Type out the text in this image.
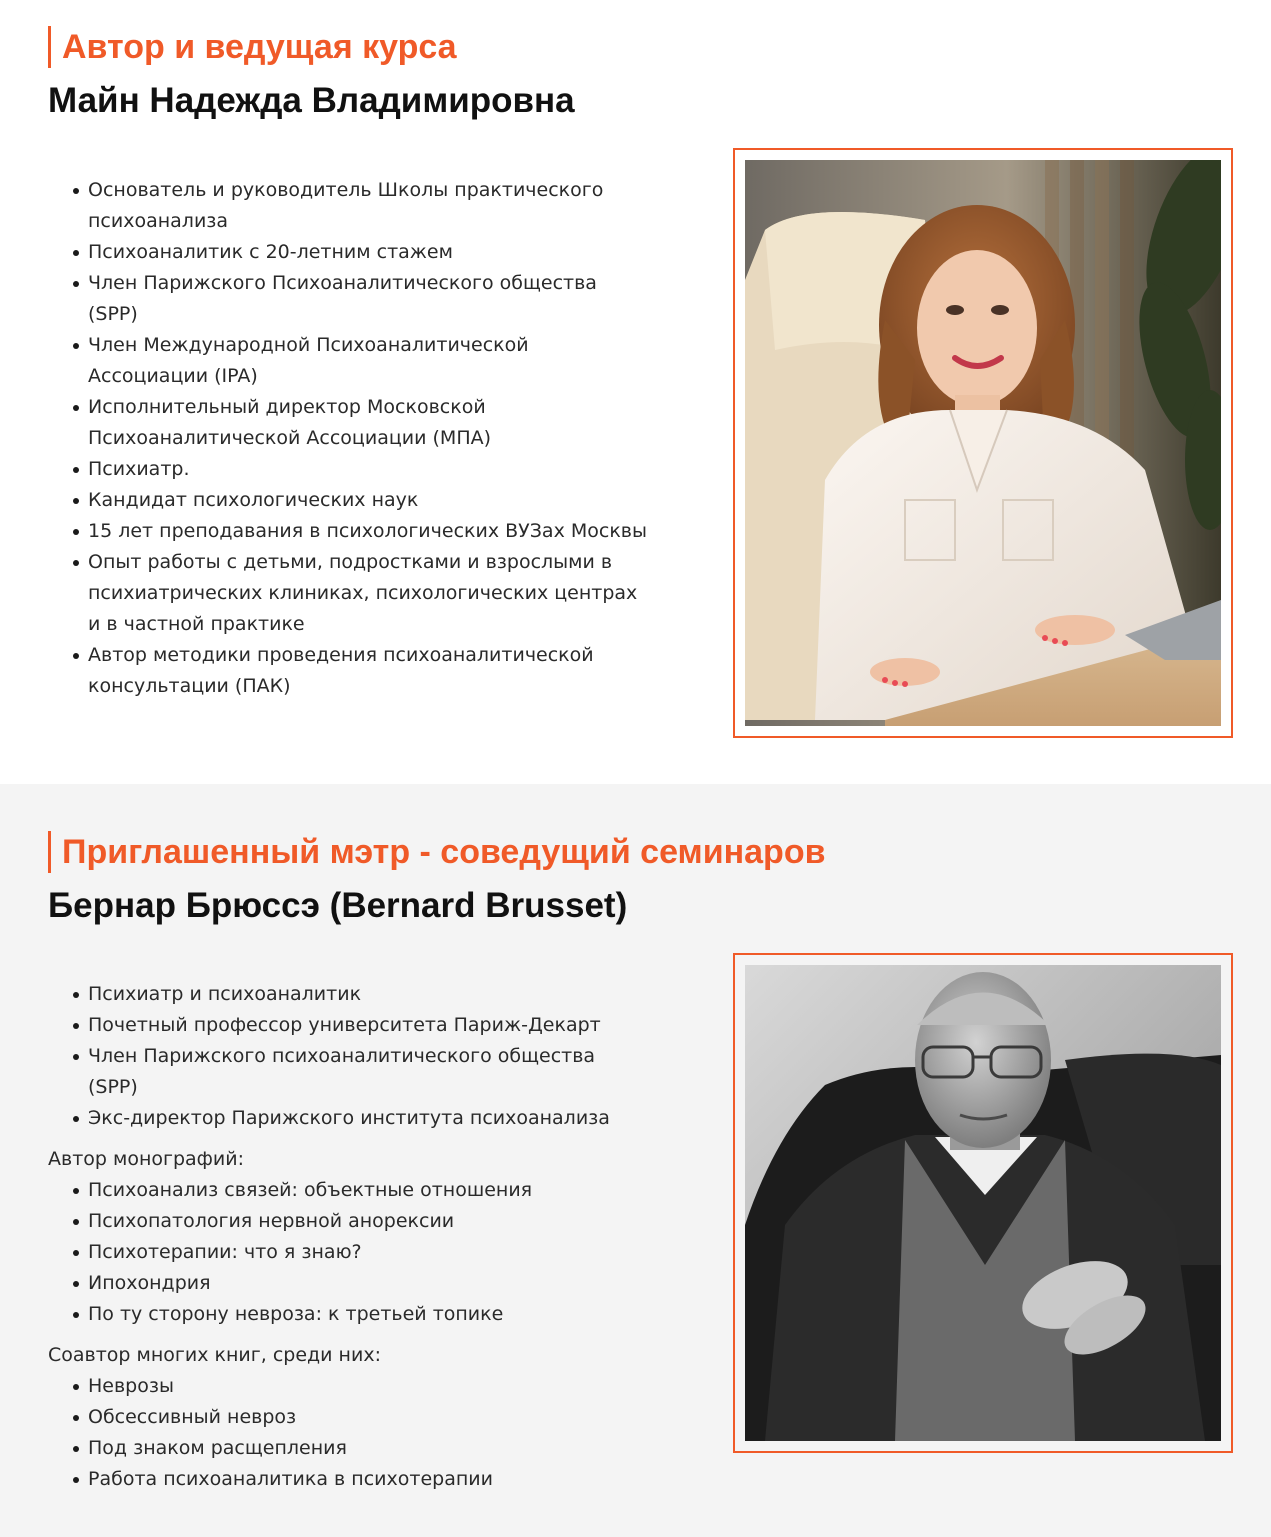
Автор и ведущая курса
Майн Надежда Владимировна
Основатель и руководитель Школы практического психоанализа
Психоаналитик с 20-летним стажем
Член Парижского Психоаналитического общества (SPP)
Член Международной Психоаналитической Ассоциации (IPA)
Исполнительный директор Московской Психоаналитической Ассоциации (МПА)
Психиатр.
Кандидат психологических наук
15 лет преподавания в психологических ВУЗах Москвы
Опыт работы с детьми, подростками и взрослыми в психиатрических клиниках, психологических центрах и в частной практике
Автор методики проведения психоаналитической консультации (ПАК)
Приглашенный мэтр - соведущий семинаров
Бернар Брюссэ (Bernard Brusset)
Психиатр и психоаналитик
Почетный профессор университета Париж-Декарт
Член Парижского психоаналитического общества (SPP)
Экс-директор Парижского института психоанализа

Автор монографий:

Психоанализ связей: объектные отношения
Психопатология нервной анорексии
Психотерапии: что я знаю?
Ипохондрия
По ту сторону невроза: к третьей топике

Соавтор многих книг, среди них:

Неврозы
Обсессивный невроз
Под знаком расщепления
Работа психоаналитика в психотерапии
